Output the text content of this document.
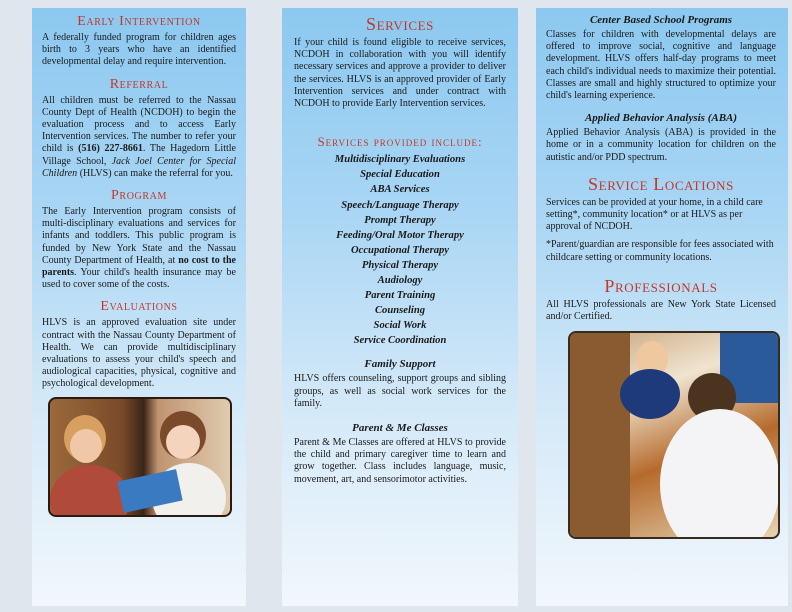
Early Intervention

A federally funded program for children ages birth to 3 years who have an identified developmental delay and require intervention.

Referral

All children must be referred to the Nassau County Dept of Health (NCDOH) to begin the evaluation process and to access Early Intervention services. The number to refer your child is (516) 227-8661. The Hagedorn Little Village School, Jack Joel Center for Special Children (HLVS) can make the referral for you.

Program

The Early Intervention program consists of multi-disciplinary evaluations and services for infants and toddlers. This public program is funded by New York State and the Nassau County Department of Health, at no cost to the parents. Your child's health insurance may be used to cover some of the costs.

Evaluations

HLVS is an approved evaluation site under contract with the Nassau County Department of Health. We can provide multidisciplinary evaluations to assess your child's speech and audiological capacities, physical, cognitive and psychological development.

Services

If your child is found eligible to receive services, NCDOH in collaboration with you will identify necessary services and approve a provider to deliver the services. HLVS is an approved provider of Early Intervention services and under contract with NCDOH to provide Early Intervention services.

Services provided include:
Multidisciplinary Evaluations
Special Education
ABA Services
Speech/Language Therapy
Prompt Therapy
Feeding/Oral Motor Therapy
Occupational Therapy
Physical Therapy
Audiology
Parent Training
Counseling
Social Work
Service Coordination
Family Support

HLVS offers counseling, support groups and sibling groups, as well as social work services for the family.

Parent & Me Classes

Parent & Me Classes are offered at HLVS to provide the child and primary caregiver time to learn and grow together. Class includes language, music, movement, art, and sensorimotor activities.

Center Based School Programs

Classes for children with developmental delays are offered to improve social, cognitive and language development. HLVS offers half-day programs to meet each child's individual needs to maximize their potential. Classes are small and highly structured to optimize your child's learning experience.

Applied Behavior Analysis (ABA)

Applied Behavior Analysis (ABA) is provided in the home or in a community location for children on the autistic and/or PDD spectrum.

Service Locations

Services can be provided at your home, in a child care setting*, community location* or at HLVS as per approval of NCDOH.

*Parent/guardian are responsible for fees associated with childcare setting or community locations.

Professionals

All HLVS professionals are New York State Licensed and/or Certified.
